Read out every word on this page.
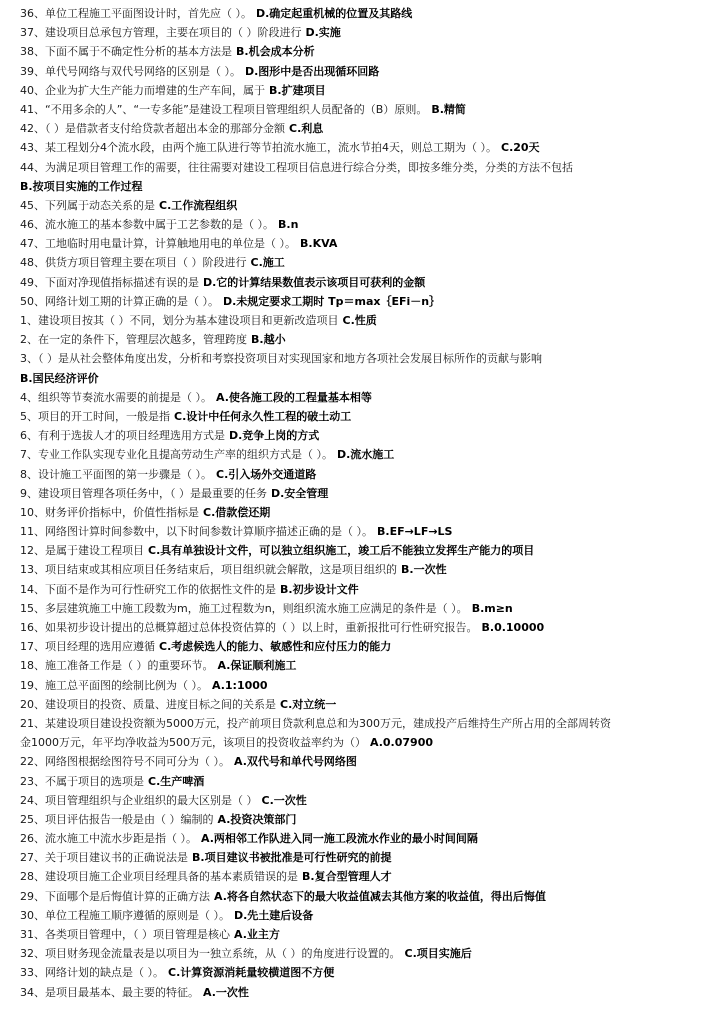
36、单位工程施工平面图设计时，首先应（ ）。 D.确定起重机械的位置及其路线
37、建设项目总承包方管理，主要在项目的（ ）阶段进行 D.实施
38、下面不属于不确定性分析的基本方法是 B.机会成本分析
39、单代号网络与双代号网络的区别是（ ）。 D.图形中是否出现循环回路
40、企业为扩大生产能力而增建的生产车间，属于 B.扩建项目
41、“不用多余的人”、“一专多能”是建设工程项目管理组织人员配备的（B）原则。 B.精简
42、（ ）是借款者支付给贷款者超出本金的那部分金额 C.利息
43、某工程划分4个流水段，由两个施工队进行等节拍流水施工，流水节拍4天，则总工期为（ ）。 C.20天
44、为满足项目管理工作的需要，往往需要对建设工程项目信息进行综合分类，即按多维分类，分类的方法不包括
B.按项目实施的工作过程
45、下列属于动态关系的是 C.工作流程组织
46、流水施工的基本参数中属于工艺参数的是（ ）。 B.n
47、工地临时用电量计算，计算触地用电的单位是（ ）。 B.KVA
48、供货方项目管理主要在项目（ ）阶段进行 C.施工
49、下面对净现值指标描述有误的是 D.它的计算结果数值表示该项目可获利的金额
50、网络计划工期的计算正确的是（ ）。 D.未规定要求工期时 Tp＝max｛EFi－n｝
1、建设项目按其（ ）不同，划分为基本建设项目和更新改造项目 C.性质
2、在一定的条件下，管理层次越多，管理跨度 B.越小
3、（ ）是从社会整体角度出发，分析和考察投资项目对实现国家和地方各项社会发展目标所作的贡献与影响
B.国民经济评价
4、组织等节奏流水需要的前提是（ ）。 A.使各施工段的工程量基本相等
5、项目的开工时间，一般是指 C.设计中任何永久性工程的破土动工
6、有利于选拔人才的项目经理选用方式是 D.竞争上岗的方式
7、专业工作队实现专业化且提高劳动生产率的组织方式是（ ）。 D.流水施工
8、设计施工平面图的第一步骤是（ ）。 C.引入场外交通道路
9、建设项目管理各项任务中，（ ）是最重要的任务 D.安全管理
10、财务评价指标中，价值性指标是 C.借款偿还期
11、网络图计算时间参数中，以下时间参数计算顺序描述正确的是（ ）。 B.EF→LF→LS
12、是属于建设工程项目 C.具有单独设计文件，可以独立组织施工，竣工后不能独立发挥生产能力的项目
13、项目结束或其相应项目任务结束后，项目组织就会解散，这是项目组织的 B.一次性
14、下面不是作为可行性研究工作的依据性文件的是 B.初步设计文件
15、多层建筑施工中施工段数为m，施工过程数为n，则组织流水施工应满足的条件是（ ）。 B.m≥n
16、如果初步设计提出的总概算超过总体投资估算的（ ）以上时，重新报批可行性研究报告。 B.0.10000
17、项目经理的选用应遵循 C.考虑候选人的能力、敏感性和应付压力的能力
18、施工准备工作是（ ）的重要环节。 A.保证顺利施工
19、施工总平面图的绘制比例为（ ）。 A.1:1000
20、建设项目的投资、质量、进度目标之间的关系是 C.对立统一
21、某建设项目建设投资额为5000万元，投产前项目贷款利息总和为300万元，建成投产后维持生产所占用的全部周转资
金1000万元，年平均净收益为500万元，该项目的投资收益率约为（） A.0.07900
22、网络图根据绘图符号不同可分为（ ）。 A.双代号和单代号网络图
23、不属于项目的选项是 C.生产啤酒
24、项目管理组织与企业组织的最大区别是（ ） C.一次性
25、项目评估报告一般是由（ ）编制的 A.投资决策部门
26、流水施工中流水步距是指（ ）。 A.两相邻工作队进入同一施工段流水作业的最小时间间隔
27、关于项目建议书的正确说法是 B.项目建议书被批准是可行性研究的前提
28、建设项目施工企业项目经理具备的基本素质错误的是 B.复合型管理人才
29、下面哪个是后悔值计算的正确方法 A.将各自然状态下的最大收益值减去其他方案的收益值，得出后悔值
30、单位工程施工顺序遵循的原则是（ ）。 D.先土建后设备
31、各类项目管理中，（ ）项目管理是核心 A.业主方
32、项目财务现金流量表是以项目为一独立系统，从（ ）的角度进行设置的。 C.项目实施后
33、网络计划的缺点是（ ）。 C.计算资源消耗量较横道图不方便
34、是项目最基本、最主要的特征。 A.一次性
